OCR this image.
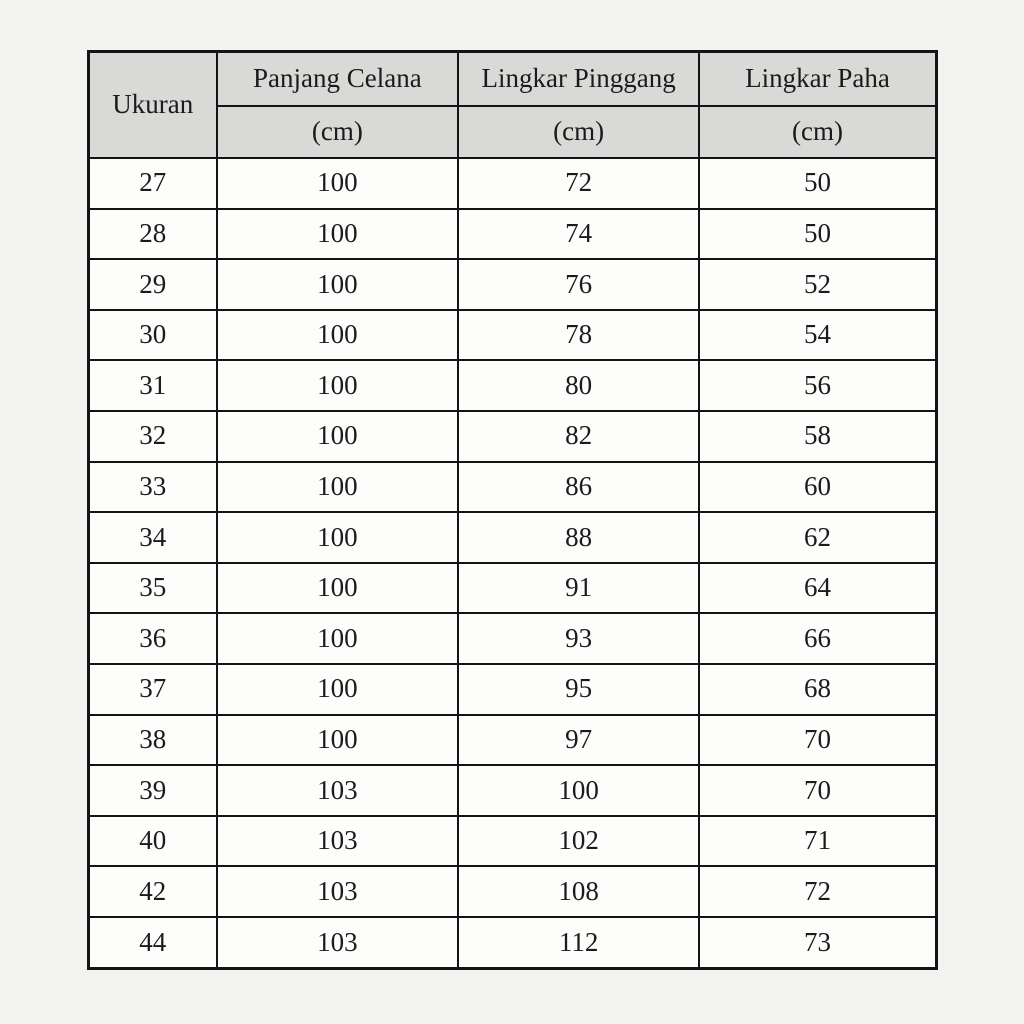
Ukuran	Panjang Celana	Lingkar Pinggang	Lingkar Paha
	(cm)	(cm)	(cm)
27	100	72	50
28	100	74	50
29	100	76	52
30	100	78	54
31	100	80	56
32	100	82	58
33	100	86	60
34	100	88	62
35	100	91	64
36	100	93	66
37	100	95	68
38	100	97	70
39	103	100	70
40	103	102	71
42	103	108	72
44	103	112	73
